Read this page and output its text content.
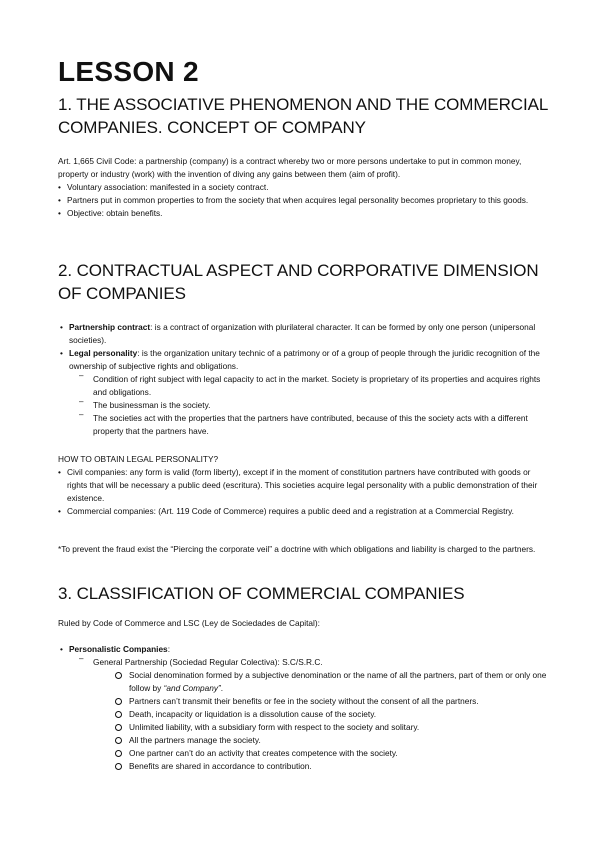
LESSON 2
1. THE ASSOCIATIVE PHENOMENON AND THE COMMERCIAL COMPANIES. CONCEPT OF COMPANY

Art. 1,665 Civil Code: a partnership (company) is a contract whereby two or more persons undertake to put in common money, property or industry (work) with the invention of diving any gains between them (aim of profit).

• Voluntary association: manifested in a society contract.
• Partners put in common properties to from the society that when acquires legal personality becomes proprietary to this goods.
• Objective: obtain benefits.
2. CONTRACTUAL ASPECT AND CORPORATIVE DIMENSION OF COMPANIES
• Partnership contract: is a contract of organization with plurilateral character. It can be formed by only one person (unipersonal societies).
• Legal personality: is the organization unitary technic of a patrimony or of a group of people through the juridic recognition of the ownership of subjective rights and obligations.
‒ Condition of right subject with legal capacity to act in the market. Society is proprietary of its properties and acquires rights and obligations.
‒ The businessman is the society.
‒ The societies act with the properties that the partners have contributed, because of this the society acts with a different property that the partners have.

HOW TO OBTAIN LEGAL PERSONALITY?

• Civil companies: any form is valid (form liberty), except if in the moment of constitution partners have contributed with goods or rights that will be necessary a public deed (escritura). This societies acquire legal personality with a public demonstration of their existence.
• Commercial companies: (Art. 119 Code of Commerce) requires a public deed and a registration at a Commercial Registry.

*To prevent the fraud exist the “Piercing the corporate veil” a doctrine with which obligations and liability is charged to the partners.

3. CLASSIFICATION OF COMMERCIAL COMPANIES

Ruled by Code of Commerce and LSC (Ley de Sociedades de Capital):

• Personalistic Companies:
‒ General Partnership (Sociedad Regular Colectiva): S.C/S.R.C.
Social denomination formed by a subjective denomination or the name of all the partners, part of them or only one follow by “and Company”.
Partners can’t transmit their benefits or fee in the society without the consent of all the partners.
Death, incapacity or liquidation is a dissolution cause of the society.
Unlimited liability, with a subsidiary form with respect to the society and solitary.
All the partners manage the society.
One partner can’t do an activity that creates competence with the society.
Benefits are shared in accordance to contribution.
